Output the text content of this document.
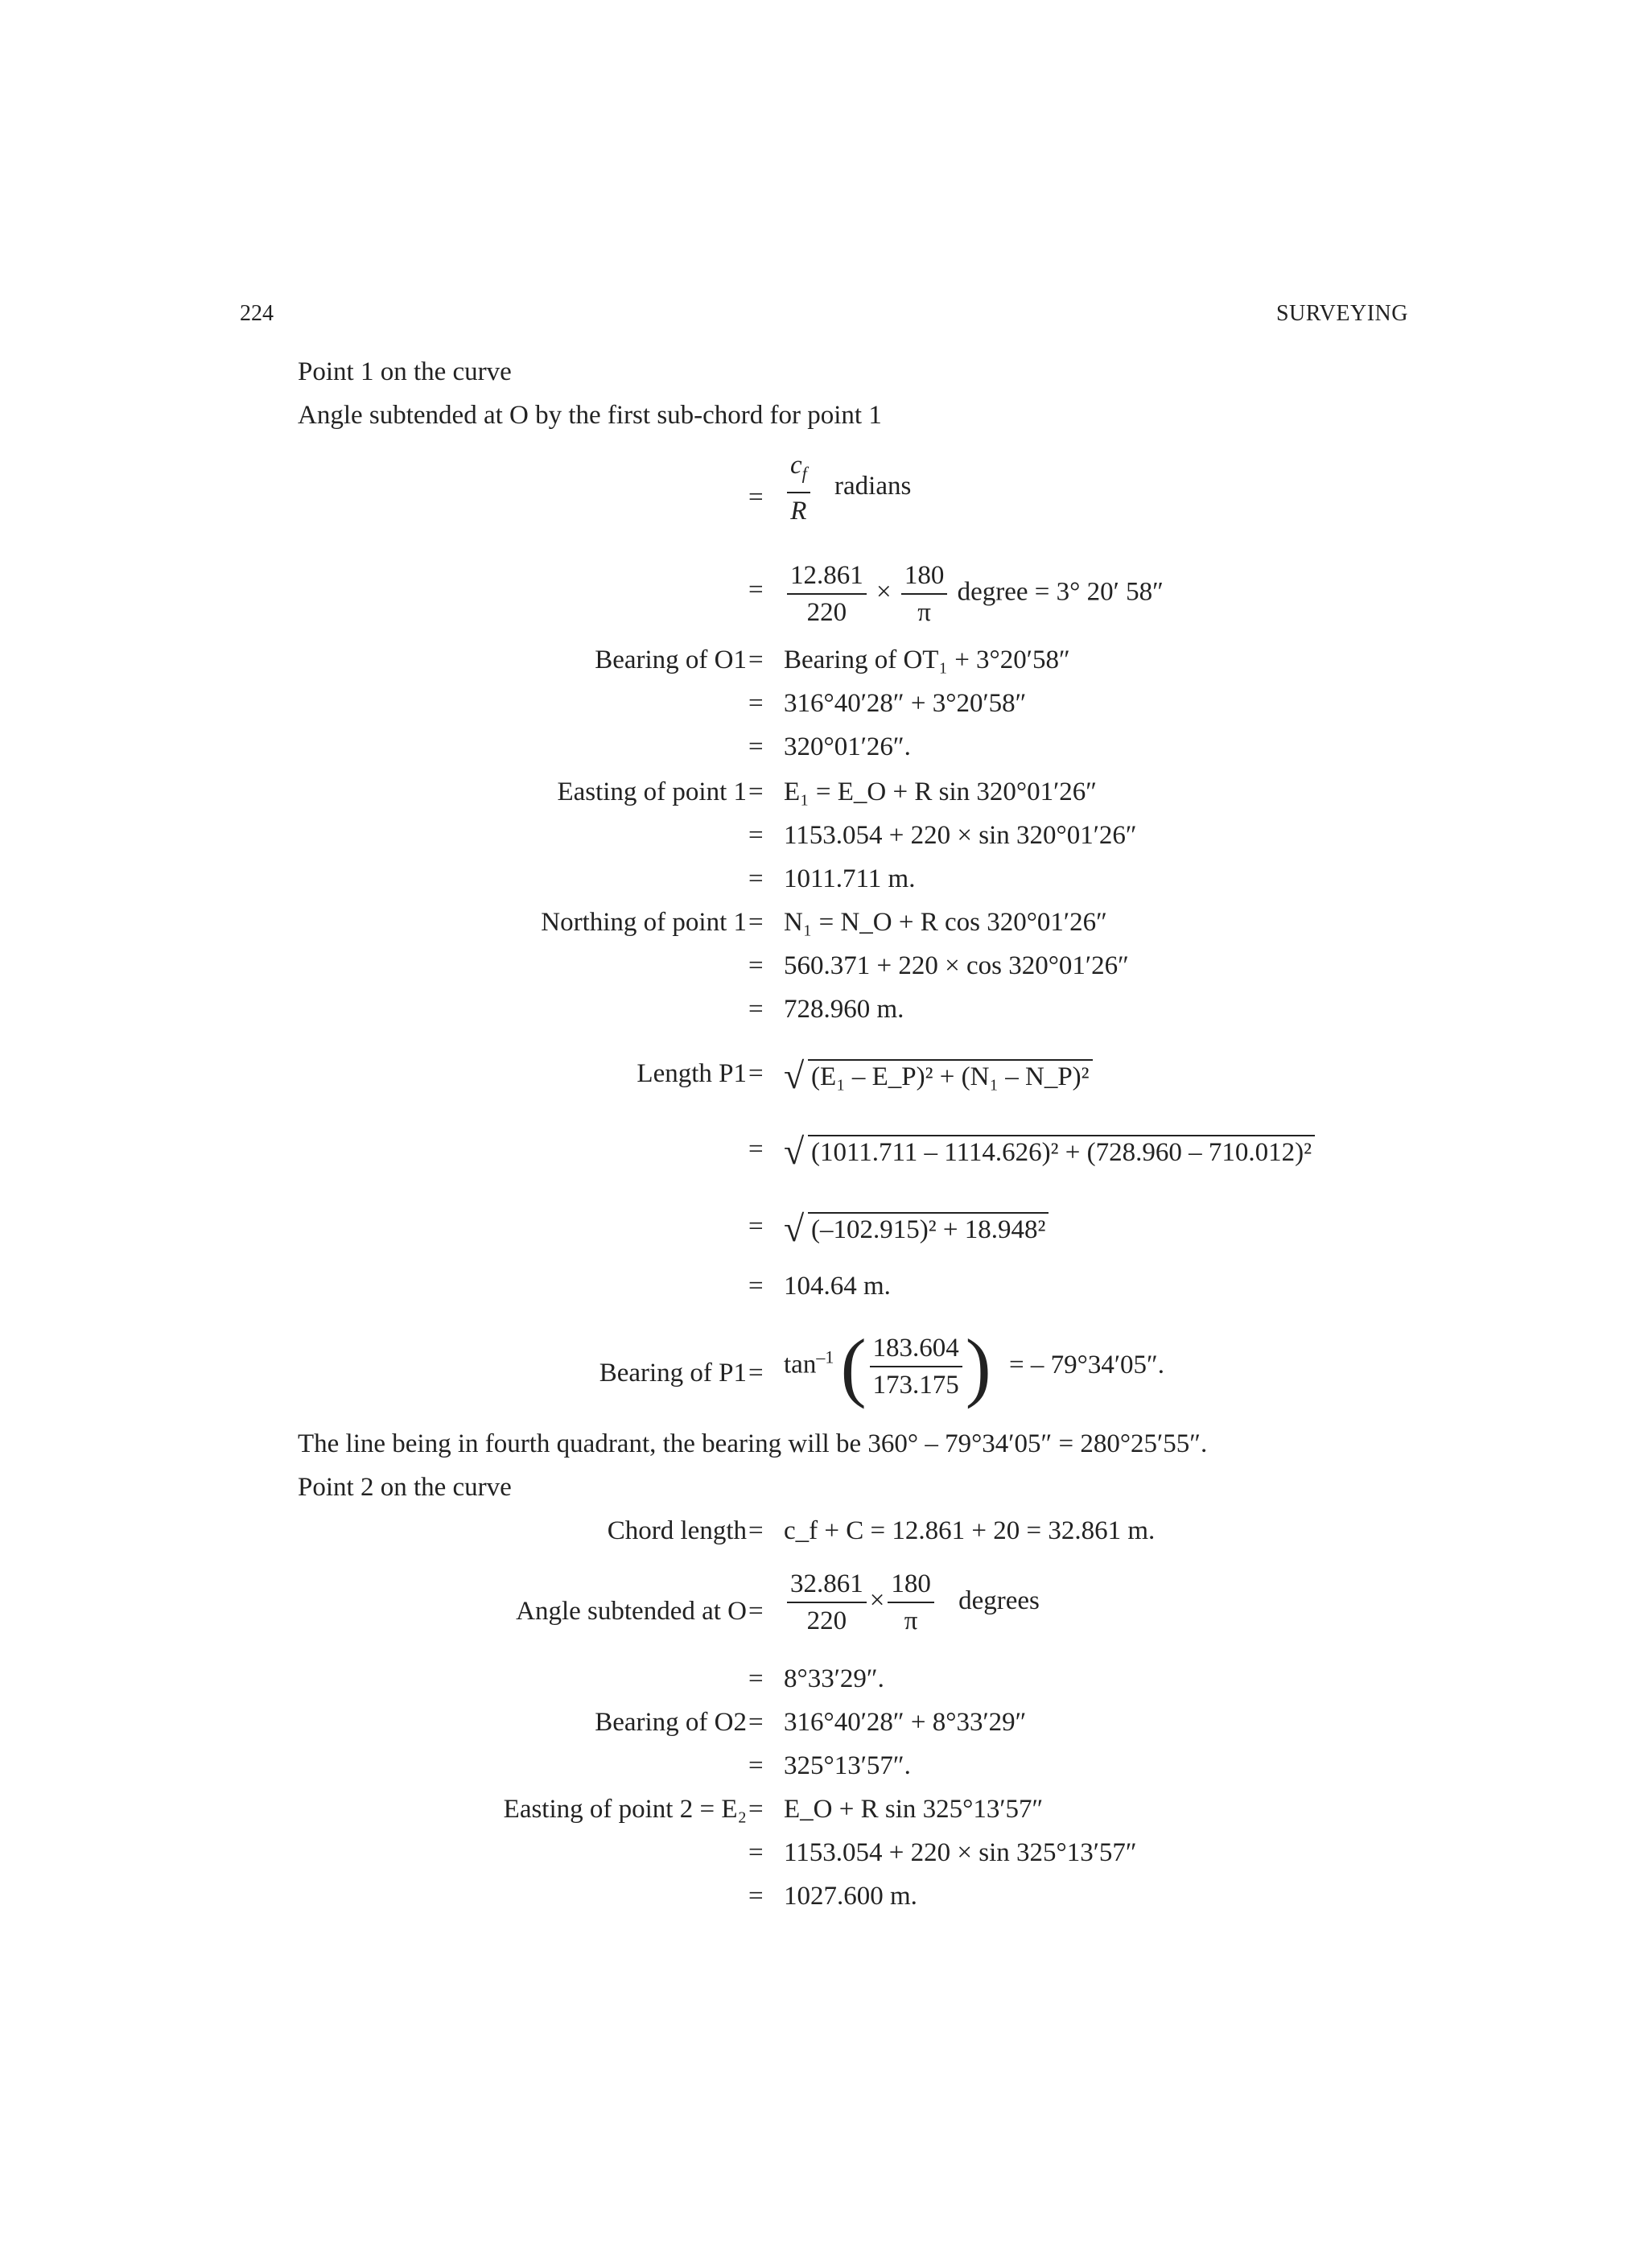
224	SURVEYING
Point 1 on the curve
Angle subtended at O by the first sub-chord for point 1
= $\frac{c_f}{R}$ radians
= $\frac{12.861}{220} \times \frac{180}{\pi}$ degree = 3° 20′ 58″
Bearing of O1 = Bearing of OT₁ + 3°20′58″
= 316°40′28″ + 3°20′58″
= 320°01′26″.
Easting of point 1 = E₁ = E_O + R sin 320°01′26″
= 1153.054 + 220 × sin 320°01′26″
= 1011.711 m.
Northing of point 1 = N₁ = N_O + R cos 320°01′26″
= 560.371 + 220 × cos 320°01′26″
= 728.960 m.
Length P1 = √ (E₁ – E_P)² + (N₁ – N_P)²
= √ (1011.711 – 1114.626)² + (728.960 – 710.012)²
= √ (–102.915)² + 18.948²
= 104.64 m.
Bearing of $P1 = \tan^{-1}$ ( $\frac{183.604}{173.175}$ ) = – 79°34′05″.
The line being in fourth quadrant, the bearing will be 360° – 79°34′05″ = 280°25′55″.
Point 2 on the curve
Chord length = c_f + C = 12.861 + 20 = 32.861 m.
Angle subtended at $O = \frac{32.861}{220} \times \frac{180}{\pi}$ degrees
= 8°33′29″.
Bearing of O2 = 316°40′28″ + 8°33′29″
= 325°13′57″.
Easting of point 2 = E₂ = E_O + R sin 325°13′57″
= 1153.054 + 220 × sin 325°13′57″
= 1027.600 m.
